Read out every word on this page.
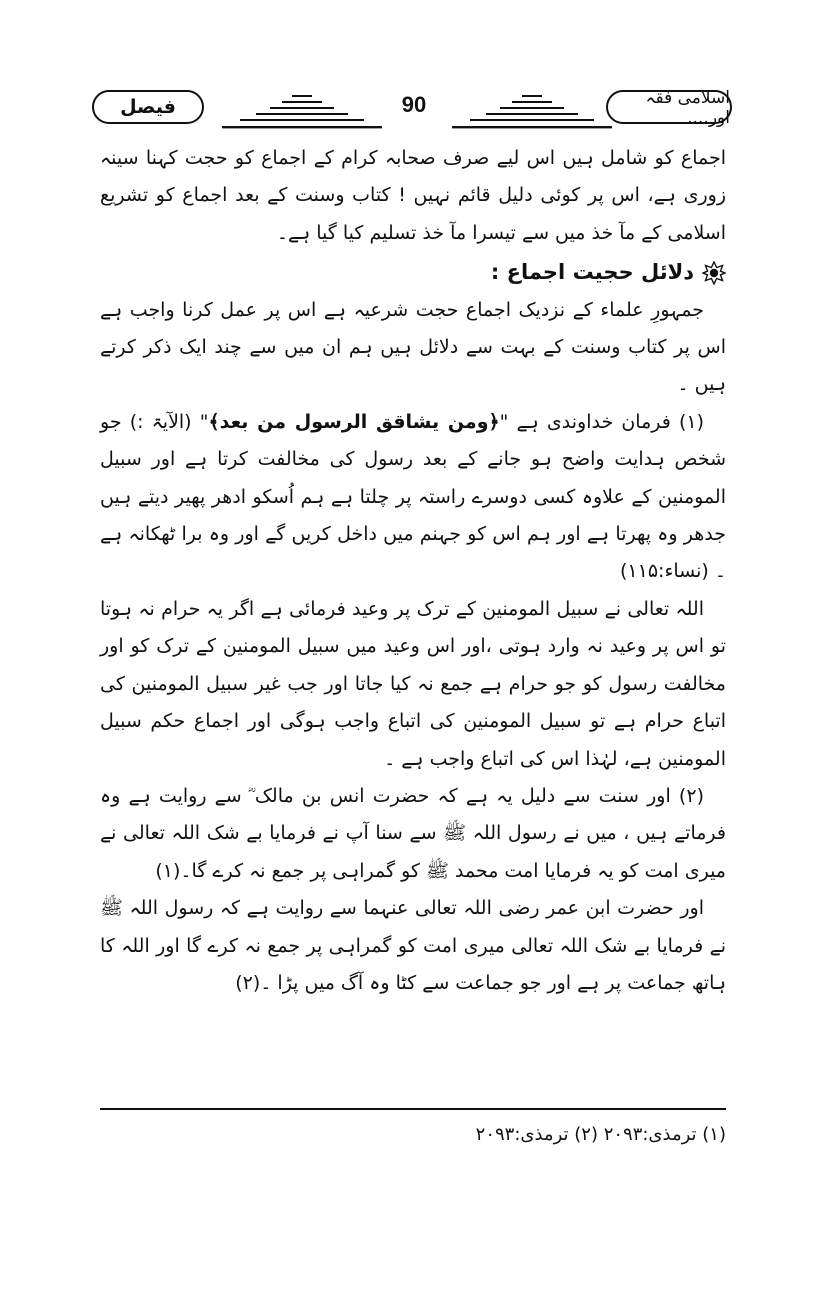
فیصل	90	اسلامی فقہ اور....

اجماع کو شامل ہیں اس لیے صرف صحابہ کرام کے اجماع کو حجت کہنا سینہ زوری ہے، اس پر کوئی دلیل قائم نہیں ! کتاب وسنت کے بعد اجماع کو تشریع اسلامی کے مآ خذ میں سے تیسرا مآ خذ تسلیم کیا گیا ہے۔

دلائل حجیت اجماع :

جمہورِ علماء کے نزدیک اجماع حجت شرعیہ ہے اس پر عمل کرنا واجب ہے اس پر کتاب وسنت کے بہت سے دلائل ہیں ہم ان میں سے چند ایک ذکر کرتے ہیں ۔

(۱) فرمان خداوندی ہے "﴿ومن یشاقق الرسول من بعد﴾" (الآیۃ :) جو شخص ہدایت واضح ہو جانے کے بعد رسول کی مخالفت کرتا ہے اور سبیل المومنین کے علاوہ کسی دوسرے راستہ پر چلتا ہے ہم اُسکو ادھر پھیر دیتے ہیں جدھر وہ پھرتا ہے اور ہم اس کو جہنم میں داخل کریں گے اور وہ برا ٹھکانہ ہے ۔ (نساء:۱۱۵)

اللہ تعالی نے سبیل المومنین کے ترک پر وعید فرمائی ہے اگر یہ حرام نہ ہوتا تو اس پر وعید نہ وارد ہوتی ،اور اس وعید میں سبیل المومنین کے ترک کو اور مخالفت رسول کو جو حرام ہے جمع نہ کیا جاتا اور جب غیر سبیل المومنین کی اتباع حرام ہے تو سبیل المومنین کی اتباع واجب ہوگی اور اجماع حکم سبیل المومنین ہے، لہٰذا اس کی اتباع واجب ہے ۔

(۲) اور سنت سے دلیل یہ ہے کہ حضرت انس بن مالک ؓ سے روایت ہے وہ فرماتے ہیں ، میں نے رسول اللہ ﷺ سے سنا آپ نے فرمایا بے شک اللہ تعالی نے میری امت کو یہ فرمایا امت محمد ﷺ کو گمراہی پر جمع نہ کرے گا۔(۱)

اور حضرت ابن عمر رضی اللہ تعالی عنہما سے روایت ہے کہ رسول اللہ ﷺ نے فرمایا بے شک اللہ تعالی میری امت کو گمراہی پر جمع نہ کرے گا اور اللہ کا ہاتھ جماعت پر ہے اور جو جماعت سے کٹا وہ آگ میں پڑا ۔(۲)

(۱) ترمذی:۲۰۹۳ (۲) ترمذی:۲۰۹۳
